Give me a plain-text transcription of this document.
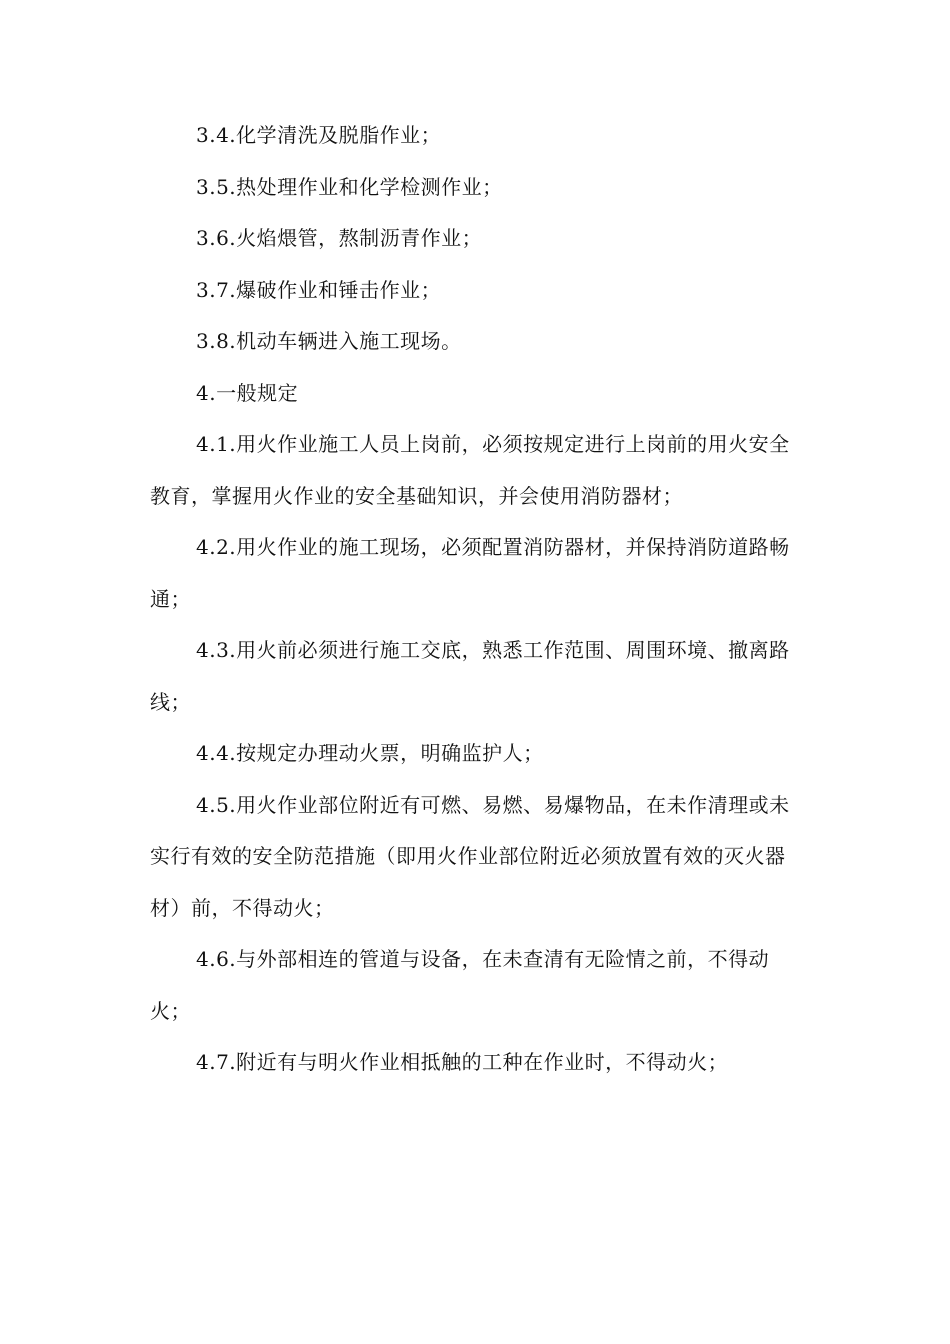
3.4.化学清洗及脱脂作业；

3.5.热处理作业和化学检测作业；

3.6.火焰煨管，熬制沥青作业；

3.7.爆破作业和锤击作业；

3.8.机动车辆进入施工现场。

4.一般规定

4.1.用火作业施工人员上岗前，必须按规定进行上岗前的用火安全教育，掌握用火作业的安全基础知识，并会使用消防器材；

4.2.用火作业的施工现场，必须配置消防器材，并保持消防道路畅通；

4.3.用火前必须进行施工交底，熟悉工作范围、周围环境、撤离路线；

4.4.按规定办理动火票，明确监护人；

4.5.用火作业部位附近有可燃、易燃、易爆物品，在未作清理或未实行有效的安全防范措施（即用火作业部位附近必须放置有效的灭火器材）前，不得动火；

4.6.与外部相连的管道与设备，在未查清有无险情之前，不得动火；

4.7.附近有与明火作业相抵触的工种在作业时，不得动火；
